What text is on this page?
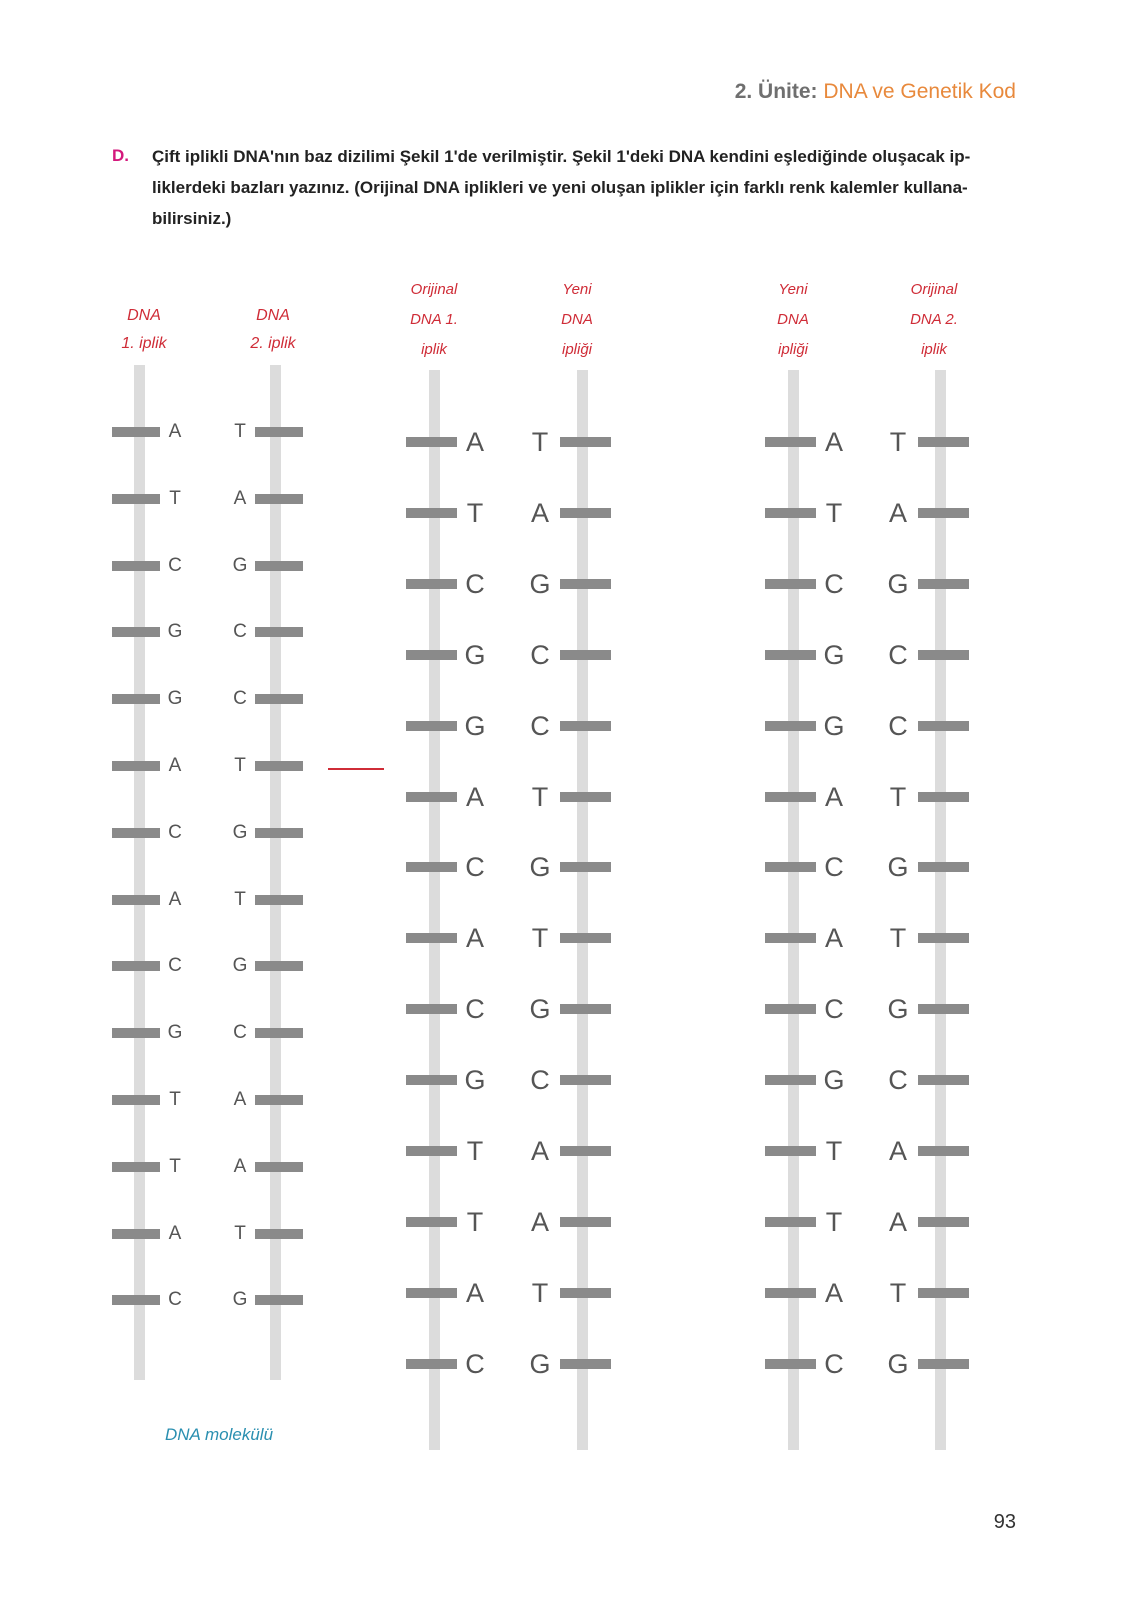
2. Ünite: DNA ve Genetik Kod
D. Çift iplikli DNA'nın baz dizilimi Şekil 1'de verilmiştir. Şekil 1'deki DNA kendini eşlediğinde oluşacak ip-liklerdeki bazları yazınız. (Orijinal DNA iplikleri ve yeni oluşan iplikler için farklı renk kalemler kullana-bilirsiniz.)

DNA
1. iplik
DNA
2. iplik
Orijinal
DNA 1.
iplik
Yeni
DNA
ipliği
Yeni
DNA
ipliği
Orijinal
DNA 2.
iplik
A
T
C
G
G
A
C
A
C
G
T
T
A
C
T
A
G
C
C
T
G
T
G
C
A
A
T
G
A
T
C
G
G
A
C
A
C
G
T
T
A
C
T
A
G
C
C
T
G
T
G
C
A
A
T
G
A
T
C
G
G
A
C
A
C
G
T
T
A
C
T
A
G
C
C
T
G
T
G
C
A
A
T
G
DNA molekülü
93
